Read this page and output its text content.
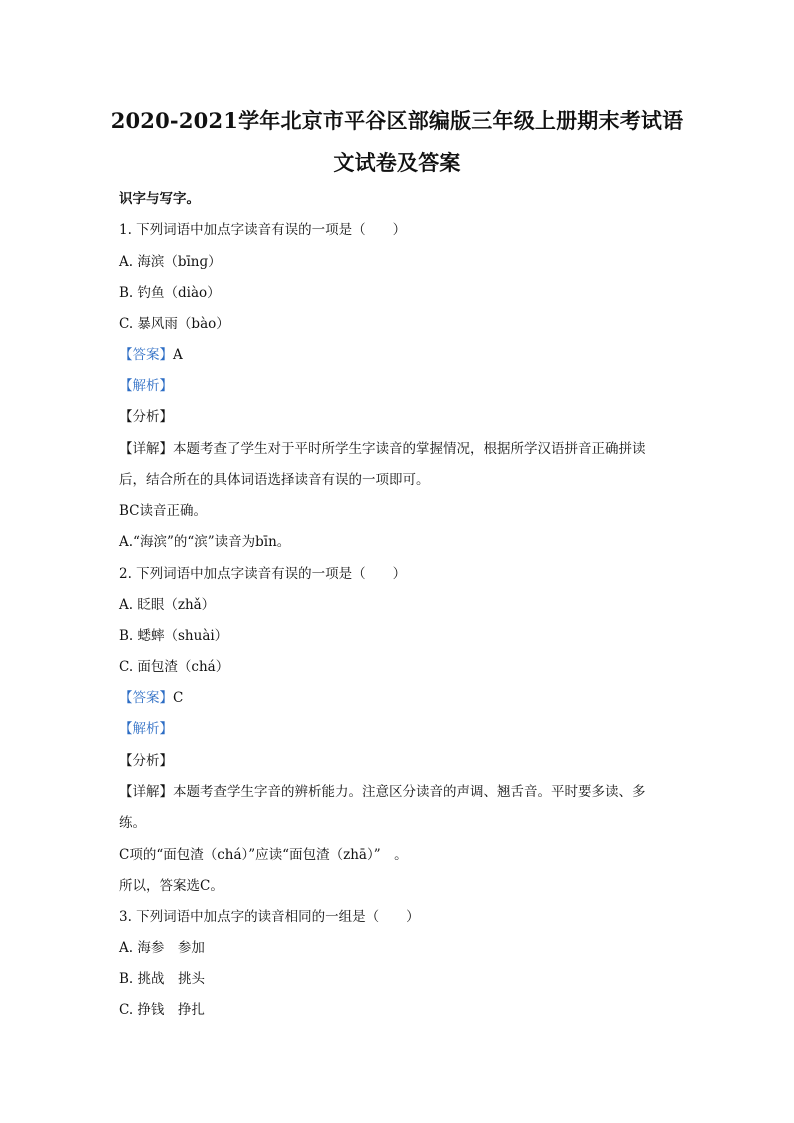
2020-2021学年北京市平谷区部编版三年级上册期末考试语
文试卷及答案
识字与写字。
1. 下列词语中加点字读音有误的一项是（　　）
A. 海滨（bīnɡ）
B. 钓鱼（diào）
C. 暴风雨（bào）
【答案】A
【解析】
【分析】
【详解】本题考查了学生对于平时所学生字读音的掌握情况，根据所学汉语拼音正确拼读
后，结合所在的具体词语选择读音有误的一项即可。
BC读音正确。
A.“海滨”的“滨”读音为bīn。
2. 下列词语中加点字读音有误的一项是（　　）
A. 眨眼（zhǎ）
B. 蟋蟀（shuài）
C. 面包渣（chá）
【答案】C
【解析】
【分析】
【详解】本题考查学生字音的辨析能力。注意区分读音的声调、翘舌音。平时要多读、多
练。
C项的“面包渣（chá）”应读“面包渣（zhā）”　。
所以，答案选C。
3. 下列词语中加点字的读音相同的一组是（　　）
A. 海参　参加
B. 挑战　挑头
C. 挣钱　挣扎
